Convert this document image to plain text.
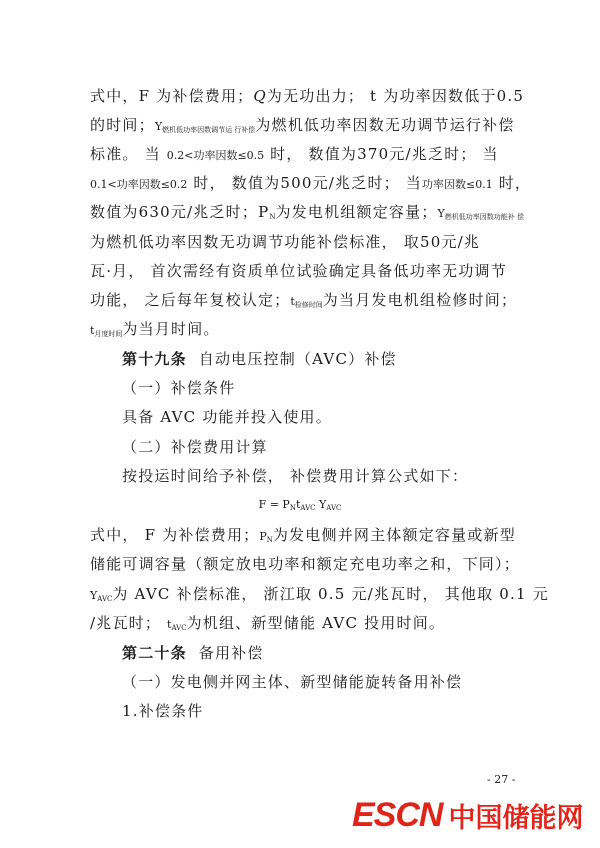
式中，F 为补偿费用；Q为无功出力； t 为功率因数低于0.5
的时间；$Y_{燃机低功率因数调节运 行补偿}$为燃机低功率因数无功调节运行补偿
标准。 当 0.2<功率因数≤0.5 时， 数值为370元/兆乏时； 当
0.1<功率因数≤0.2 时， 数值为500元/兆乏时； 当功率因数≤0.1 时，
数值为630元/兆乏时；$P_N$为发电机组额定容量；$Y_{燃机低功率因数功能补 偿}$
为燃机低功率因数无功调节功能补偿标准， 取50元/兆
瓦·月， 首次需经有资质单位试验确定具备低功率无功调节
功能， 之后每年复校认定；$t_{检修时间}$为当月发电机组检修时间；
$t_{月度时间}$为当月时间。
第十九条 自动电压控制（AVC）补偿
（一）补偿条件
具备 AVC 功能并投入使用。
（二）补偿费用计算
按投运时间给予补偿， 补偿费用计算公式如下：
$F = P_Nt_{AVC}$ $Y_{AVC}$
式中， F 为补偿费用；$P_N$为发电侧并网主体额定容量或新型
储能可调容量（额定放电功率和额定充电功率之和，下同）；
$Y_{AVC}$为 AVC 补偿标准， 浙江取 0.5 元/兆瓦时， 其他取 0.1 元
/兆瓦时； $t_{AVC}$为机组、新型储能 AVC 投用时间。
第二十条 备用补偿
（一）发电侧并网主体、新型储能旋转备用补偿
1.补偿条件
- 27 -
ESCN 中国储能网
